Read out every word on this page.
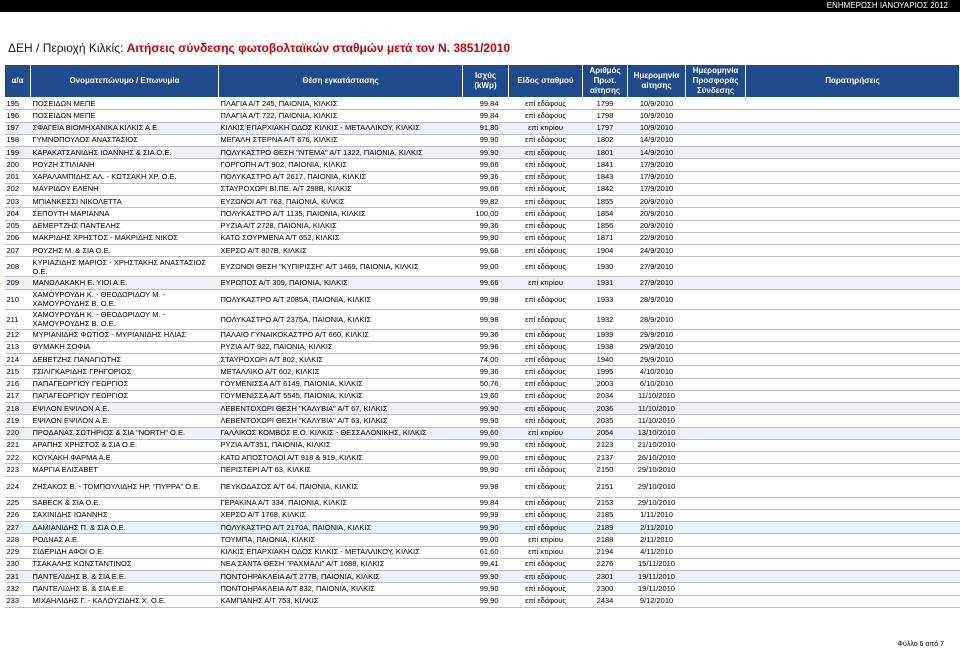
ΕΝΗΜΕΡΩΣΗ ΙΑΝΟΥΑΡΙΟΣ 2012
ΔΕΗ / Περιοχή Κιλκίς: Αιτήσεις σύνδεσης φωτοβολταϊκών σταθμών μετά τον Ν. 3851/2010
α/α	Ονοματεπώνυμο / Επωνυμία	Θέση εγκατάστασης	Ισχύς (kWp)	Είδος σταθμού	Αριθμός Πρωτ. αίτησης	Ημερομηνία αίτησης	Ημερομηνία Προσφοράς Σύνδεσης	Παρατηρήσεις
195	ΠΟΣΕΙΔΩΝ ΜΕΠΕ	ΠΛΑΓΙΑ Α/Τ 245, ΠΑΙΟΝΙΑ, ΚΙΛΚΙΣ	99,84	επί εδάφους	1799	10/9/2010		
196	ΠΟΣΕΙΔΩΝ ΜΕΠΕ	ΠΛΑΓΙΑ Α/Τ 722, ΠΑΙΟΝΙΑ, ΚΙΛΚΙΣ	99,84	επί εδάφους	1798	10/9/2010		
197	ΣΦΑΓΕΙΑ ΒΙΟΜΗΧΑΝΙΚΑ ΚΙΛΚΙΣ Α.Ε.	ΚΙΛΚΙΣ ΕΠΑΡΧΙΑΚΗ ΟΔΟΣ ΚΙΛΚΙΣ - ΜΕΤΑΛΛΙΚΟΥ, ΚΙΛΚΙΣ	91,80	επί κτιρίου	1797	10/9/2010		
198	ΓΥΜΝΟΠΟΥΛΟΣ ΑΝΑΣΤΑΣΙΟΣ	ΜΕΓΑΛΗ ΣΤΕΡΝΑ Α/Τ 676, ΚΙΛΚΙΣ	99,90	επί εδάφους	1802	14/9/2010		
199	ΚΑΡΑΚΑΤΣΑΝΙΔΗΣ ΙΩΑΝΝΗΣ & ΣΙΑ Ο.Ε.	ΠΟΛΥΚΑΣΤΡΟ ΘΕΣΗ "ΝΤΕΜΑ" Α/Τ 1322, ΠΑΙΟΝΙΑ, ΚΙΛΚΙΣ	99,90	επί εδάφους	1801	14/9/2010		
200	ΡΟΥΖΗ ΣΤΙΛΙΑΝΗ	ΓΟΡΓΟΠΗ Α/Τ 902, ΠΑΙΟΝΙΑ, ΚΙΛΚΙΣ	99,66	επί εδάφους	1841	17/9/2010		
201	ΧΑΡΑΛΑΜΠΙΔΗΣ ΑΛ. - ΚΩΤΣΑΚΗ ΧΡ. Ο.Ε.	ΠΟΛΥΚΑΣΤΡΟ Α/Τ 2617, ΠΑΙΟΝΙΑ, ΚΙΛΚΙΣ	99,36	επί εδάφους	1843	17/9/2010		
202	ΜΑΥΡΙΔΟΥ ΕΛΕΝΗ	ΣΤΑΥΡΟΧΩΡΙ ΒΙ.ΠΕ. Α/Τ 298Β, ΚΙΛΚΙΣ	99,66	επί εδάφους	1842	17/9/2010		
203	ΜΠΙΑΝΚΕΣΣΙ ΝΙΚΟΛΕΤΤΑ	ΕΥΖΩΝΟΙ Α/Τ 763, ΠΑΙΟΝΙΑ, ΚΙΛΚΙΣ	99,82	επί εδάφους	1855	20/9/2010		
204	ΣΕΠΟΥΤΗ ΜΑΡΙΑΝΝΑ	ΠΟΛΥΚΑΣΤΡΟ Α/Τ 1135, ΠΑΙΟΝΙΑ, ΚΙΛΚΙΣ	100,00	επί εδάφους	1854	20/9/2010		
205	ΔΕΜΕΡΤΖΗΣ ΠΑΝΤΕΛΗΣ	ΡΥΖΙΑ Α/Τ 2728, ΠΑΙΟΝΙΑ, ΚΙΛΚΙΣ	99,36	επί εδάφους	1856	20/9/2010		
206	ΜΑΚΡΙΔΗΣ ΧΡΗΣΤΟΣ - ΜΑΚΡΙΔΗΣ ΝΙΚΟΣ	ΚΑΤΩ ΣΟΥΡΜΕΝΑ Α/Τ 652, ΚΙΛΚΙΣ	99,90	επί εδάφους	1871	22/9/2010		
207	ΡΟΥΖΗΣ Μ. & ΣΙΑ Ο.Ε.	ΧΕΡΣΟ Α/Τ 807Β, ΚΙΛΚΙΣ	99,66	επί εδάφους	1904	24/9/2010		
208	ΚΥΡΙΑΖΙΔΗΣ ΜΑΡΙΟΣ - ΧΡΗΣΤΑΚΗΣ ΑΝΑΣΤΑΣΙΟΣ Ο.Ε.	ΕΥΖΩΝΟΙ ΘΕΣΗ "ΚΥΠΙΡΙΣΣΗ" Α/Τ 1469, ΠΑΙΟΝΙΑ, ΚΙΛΚΙΣ	99,00	επί εδάφους	1930	27/9/2010		
209	ΜΑΝΩΛΑΚΑΚΗ Ε. ΥΙΟΙ Α.Ε.	ΕΥΡΩΠΟΣ Α/Τ 309, ΠΑΙΟΝΙΑ, ΚΙΛΚΙΣ	99,66	επί κτιρίου	1931	27/9/2010		
210	ΧΑΜΟΥΡΟΥΔΗ Κ. - ΘΕΟΔΩΡΙΔΟΥ Μ. - ΧΑΜΟΥΡΟΥΔΗΣ Β. Ο.Ε.	ΠΟΛΥΚΑΣΤΡΟ Α/Τ 2085Α, ΠΑΙΟΝΙΑ, ΚΙΛΚΙΣ	99,98	επί εδάφους	1933	28/9/2010		
211	ΧΑΜΟΥΡΟΥΔΗ Κ. - ΘΕΟΔΩΡΙΔΟΥ Μ. - ΧΑΜΟΥΡΟΥΔΗΣ Β. Ο.Ε.	ΠΟΛΥΚΑΣΤΡΟ Α/Τ 2375Α, ΠΑΙΟΝΙΑ, ΚΙΛΚΙΣ	99,98	επί εδάφους	1932	28/9/2010		
212	ΜΥΡΙΑΝΙΔΗΣ ΦΩΤΙΟΣ - ΜΥΡΙΑΝΙΔΗΣ ΗΛΙΑΣ	ΠΑΛΑΙΟ ΓΥΝΑΙΚΟΚΑΣΤΡΟ Α/Τ 660, ΚΙΛΚΙΣ	99,36	επί εδάφους	1939	29/9/2010		
213	ΘΥΜΑΚΗ ΣΟΦΙΑ	ΡΥΖΙΑ Α/Τ 922, ΠΑΙΟΝΙΑ, ΚΙΛΚΙΣ	99,96	επί εδάφους	1938	29/9/2010		
214	ΔΕΒΕΤΖΗΣ ΠΑΝΑΓΙΩΤΗΣ	ΣΤΑΥΡΟΧΩΡΙ Α/Τ 802, ΚΙΛΚΙΣ	74,00	επί εδάφους	1940	29/9/2010		
215	ΤΣΙΛΙΓΚΑΡΙΔΗΣ ΓΡΗΓΟΡΙΟΣ	ΜΕΤΑΛΛΙΚΟ Α/Τ 602, ΚΙΛΚΙΣ	99,36	επί εδάφους	1995	4/10/2010		
216	ΠΑΠΑΓΕΩΡΓΙΟΥ ΓΕΩΡΓΙΟΣ	ΓΟΥΜΕΝΙΣΣΑ Α/Τ 6149, ΠΑΙΟΝΙΑ, ΚΙΛΚΙΣ	50,76	επί εδάφους	2003	6/10/2010		
217	ΠΑΠΑΓΕΩΡΓΙΟΥ ΓΕΩΡΓΙΟΣ	ΓΟΥΜΕΝΙΣΣΑ Α/Τ 5545, ΠΑΙΟΝΙΑ, ΚΙΛΚΙΣ	19,60	επί εδάφους	2034	11/10/2010		
218	ΕΨΙΛΟΝ ΕΨΙΛΟΝ Α.Ε.	ΛΕΒΕΝΤΟΧΩΡΙ ΘΕΣΗ "ΚΑΛΥΒΙΑ" Α/Τ 67, ΚΙΛΚΙΣ	99,90	επί εδάφους	2036	11/10/2010		
219	ΕΨΙΛΟΝ ΕΨΙΛΟΝ Α.Ε.	ΛΕΒΕΝΤΟΧΩΡΙ ΘΕΣΗ "ΚΑΛΥΒΙΑ" Α/Τ 63, ΚΙΛΚΙΣ	99,90	επί εδάφους	2035	11/10/2010		
220	ΠΡΟΔΑΝΑΣ ΣΩΤΗΡΙΟΣ & ΣΙΑ "NORTH" Ο.Ε.	ΓΑΛΛΙΚΟΣ ΚΟΜΒΟΣ Ε.Ο. ΚΙΛΚΙΣ - ΘΕΣΣΑΛΟΝΙΚΗΣ, ΚΙΛΚΙΣ	99,60	επί κτιρίου	2054	13/10/2010		
221	ΑΡΑΠΗΣ ΧΡΗΣΤΟΣ & ΣΙΑ Ο.Ε.	ΡΥΖΙΑ Α/Τ351, ΠΑΙΟΝΙΑ, ΚΙΛΚΙΣ	99,90	επί εδάφους	2123	21/10/2010		
222	ΚΟΥΚΑΚΗ ΦΑΡΜΑ Α.Ε.	ΚΑΤΩ ΑΠΟΣΤΟΛΟΙ Α/Τ 918 & 919, ΚΙΛΚΙΣ	99,00	επί εδάφους	2137	26/10/2010		
223	ΜΑΡΓΙΑ ΕΛΙΣΑΒΕΤ	ΠΕΡΙΣΤΕΡΙ Α/Τ 63, ΚΙΛΚΙΣ	99,90	επί εδάφους	2150	29/10/2010		
224	ΖΗΣΑΚΟΣ Β. - ΤΟΜΠΟΥΛΙΔΗΣ ΗΡ. "ΠΥΡΡΑ" Ο.Ε.	ΠΕΥΚΟΔΑΣΟΣ Α/Τ 64, ΠΑΙΟΝΙΑ, ΚΙΛΚΙΣ	99,98	επί εδάφους	2151	29/10/2010		
225	SABECK & ΣΙΑ Ο.Ε.	ΓΕΡΑΚΙΝΑ Α/Τ 334, ΠΑΙΟΝΙΑ, ΚΙΛΚΙΣ	99,84	επί εδάφους	2153	29/10/2010		
226	ΣΑΧΙΝΙΔΗΣ ΙΩΑΝΝΗΣ	ΧΕΡΣΟ Α/Τ 1768, ΚΙΛΚΙΣ	99,99	επί εδάφους	2185	1/11/2010		
227	ΔΑΜΙΑΝΙΔΗΣ Π. & ΣΙΑ Ο.Ε.	ΠΟΛΥΚΑΣΤΡΟ Α/Τ 2170Α, ΠΑΙΟΝΙΑ, ΚΙΛΚΙΣ	99,90	επί εδάφους	2189	2/11/2010		
228	ΡΟΔΝΑΣ Α.Ε.	ΤΟΥΜΠΑ, ΠΑΙΟΝΙΑ, ΚΙΛΚΙΣ	99,00	επί κτιρίου	2188	2/11/2010		
229	ΣΙΔΕΡΙΔΗ ΑΦΟΙ Ο.Ε.	ΚΙΛΚΙΣ ΕΠΑΡΧΙΑΚΗ ΟΔΟΣ ΚΙΛΚΙΣ - ΜΕΤΑΛΛΙΚΟΥ, ΚΙΛΚΙΣ	61,60	επί κτιρίου	2194	4/11/2010		
230	ΤΣΑΚΑΛΗΣ ΚΩΝΣΤΑΝΤΙΝΟΣ	ΝΕΑ ΣΑΝΤΑ ΘΕΣΗ "ΡΑΧΜΑΛΙ" Α/Τ 1688, ΚΙΛΚΙΣ	99,41	επί εδάφους	2276	15/11/2010		
231	ΠΑΝΤΕΛΙΔΗΣ Β. & ΣΙΑ Ε.Ε.	ΠΟΝΤΟΗΡΑΚΛΕΙΑ Α/Τ 277Β, ΠΑΙΟΝΙΑ, ΚΙΛΚΙΣ	99,90	επί εδάφους	2301	19/11/2010		
232	ΠΑΝΤΕΛΙΔΗΣ Β. & ΣΙΑ Ε.Ε.	ΠΟΝΤΟΗΡΑΚΛΕΙΑ Α/Τ 832, ΠΑΙΟΝΙΑ, ΚΙΛΚΙΣ	99,90	επί εδάφους	2300	19/11/2010		
233	ΜΙΧΑΗΛΙΔΗΣ Γ. - ΚΑΛΟΥΖΙΔΗΣ Χ. Ο.Ε.	ΚΑΜΠΑΝΗΣ Α/Τ 753, ΚΙΛΚΙΣ	99,90	επί εδάφους	2434	9/12/2010		
Φύλλο 6 από 7
